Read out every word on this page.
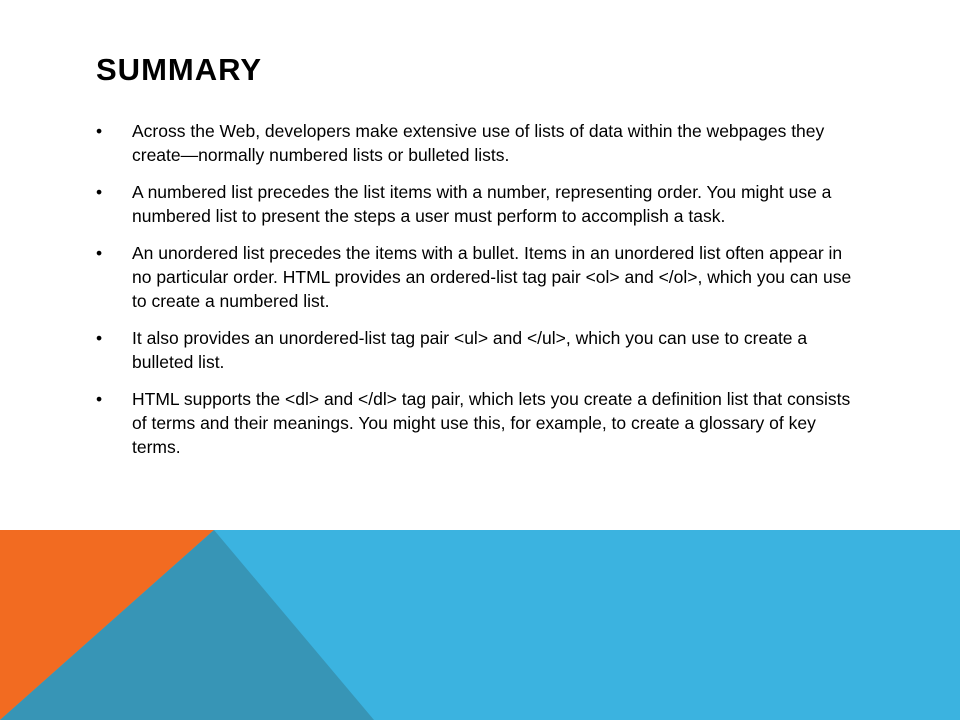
SUMMARY
• Across the Web, developers make extensive use of lists of data within the webpages they create—normally numbered lists or bulleted lists.
• A numbered list precedes the list items with a number, representing order. You might use a numbered list to present the steps a user must perform to accomplish a task.
• An unordered list precedes the items with a bullet. Items in an unordered list often appear in no particular order. HTML provides an ordered-list tag pair <ol> and </ol>, which you can use to create a numbered list.
• It also provides an unordered-list tag pair <ul> and </ul>, which you can use to create a bulleted list.
• HTML supports the <dl> and </dl> tag pair, which lets you create a definition list that consists of terms and their meanings. You might use this, for example, to create a glossary of key terms.
